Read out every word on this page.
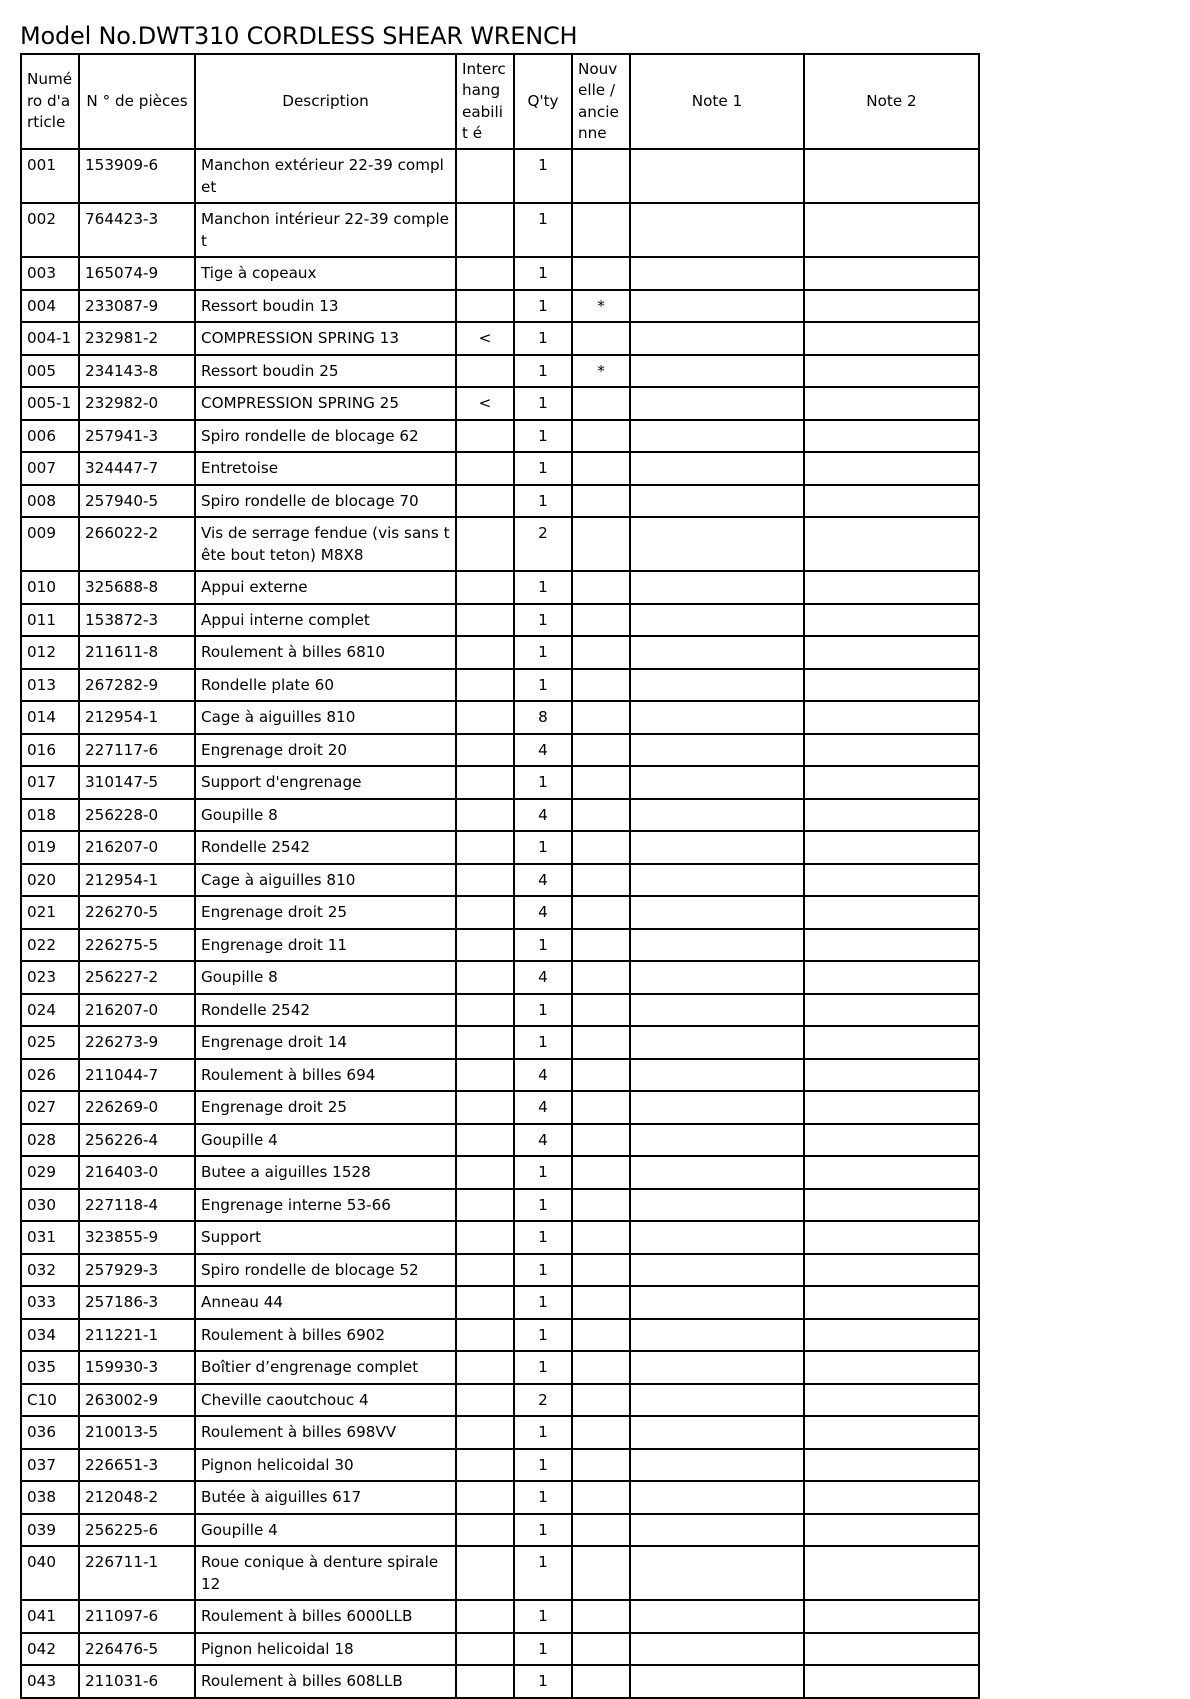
Model No.DWT310 CORDLESS SHEAR WRENCH
Numé ro d'a rticle	N ° de pièces	Description	Interc hang eabilit é	Q'ty	Nouv elle / ancie nne	Note 1	Note 2
001	153909-6	Manchon extérieur 22-39 complet		1			
002	764423-3	Manchon intérieur 22-39 complet		1			
003	165074-9	Tige à copeaux		1			
004	233087-9	Ressort boudin 13		1	*		
004-1	232981-2	COMPRESSION SPRING 13	<	1			
005	234143-8	Ressort boudin 25		1	*		
005-1	232982-0	COMPRESSION SPRING 25	<	1			
006	257941-3	Spiro rondelle de blocage 62		1			
007	324447-7	Entretoise		1			
008	257940-5	Spiro rondelle de blocage 70		1			
009	266022-2	Vis de serrage fendue (vis sans tête bout teton) M8X8		2			
010	325688-8	Appui externe		1			
011	153872-3	Appui interne complet		1			
012	211611-8	Roulement à billes 6810		1			
013	267282-9	Rondelle plate 60		1			
014	212954-1	Cage à aiguilles 810		8			
016	227117-6	Engrenage droit 20		4			
017	310147-5	Support d'engrenage		1			
018	256228-0	Goupille 8		4			
019	216207-0	Rondelle 2542		1			
020	212954-1	Cage à aiguilles 810		4			
021	226270-5	Engrenage droit 25		4			
022	226275-5	Engrenage droit 11		1			
023	256227-2	Goupille 8		4			
024	216207-0	Rondelle 2542		1			
025	226273-9	Engrenage droit 14		1			
026	211044-7	Roulement à billes 694		4			
027	226269-0	Engrenage droit 25		4			
028	256226-4	Goupille 4		4			
029	216403-0	Butee a aiguilles 1528		1			
030	227118-4	Engrenage interne 53-66		1			
031	323855-9	Support		1			
032	257929-3	Spiro rondelle de blocage 52		1			
033	257186-3	Anneau 44		1			
034	211221-1	Roulement à billes 6902		1			
035	159930-3	Boîtier d’engrenage complet		1			
C10	263002-9	Cheville caoutchouc 4		2			
036	210013-5	Roulement à billes 698VV		1			
037	226651-3	Pignon helicoidal 30		1			
038	212048-2	Butée à aiguilles 617		1			
039	256225-6	Goupille 4		1			
040	226711-1	Roue conique à denture spirale 12		1			
041	211097-6	Roulement à billes 6000LLB		1			
042	226476-5	Pignon helicoidal 18		1			
043	211031-6	Roulement à billes 608LLB		1			
